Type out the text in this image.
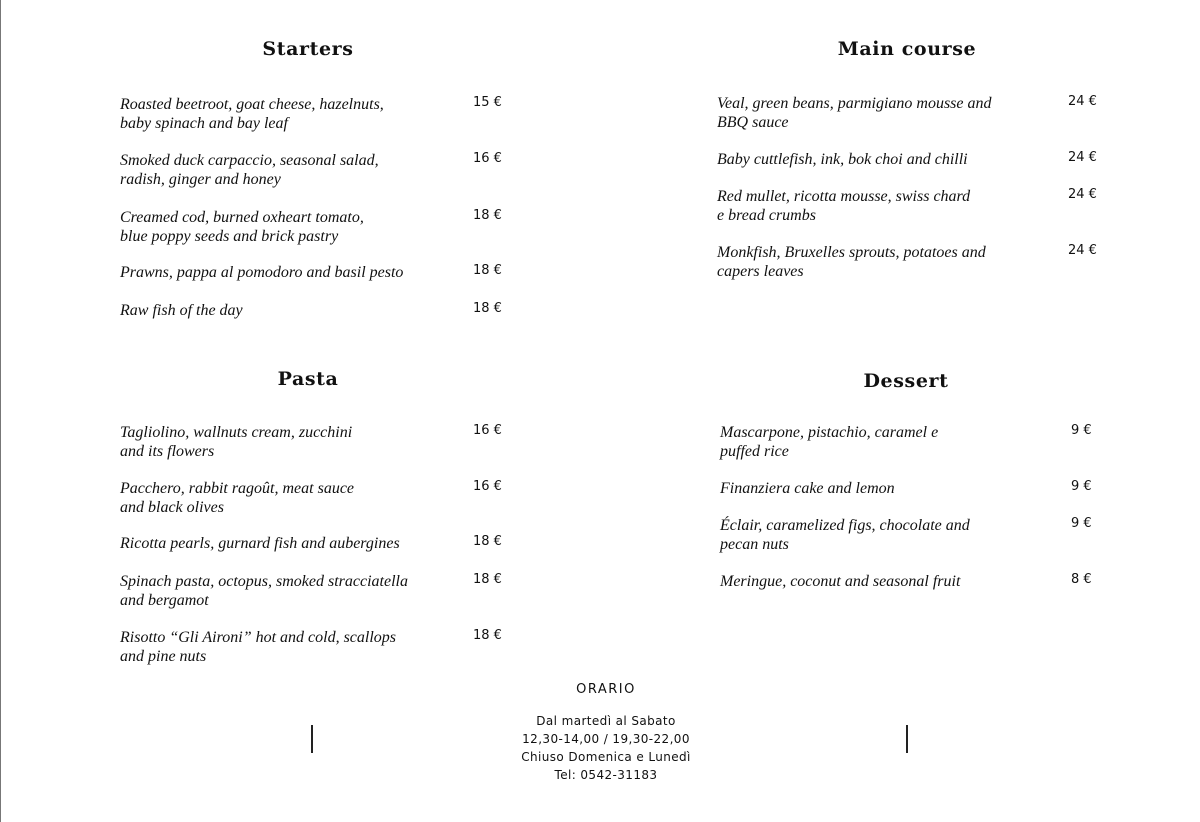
Starters
Roasted beetroot, goat cheese, hazelnuts,
baby spinach and bay leaf
15 €
Smoked duck carpaccio, seasonal salad,
radish, ginger and honey
16 €
Creamed cod, burned oxheart tomato,
blue poppy seeds and brick pastry
18 €
Prawns, pappa al pomodoro and basil pesto	18 €
Raw fish of the day	18 €
Main course
Veal, green beans, parmigiano mousse and
BBQ sauce
24 €
Baby cuttlefish, ink, bok choi and chilli	24 €
Red mullet, ricotta mousse, swiss chard
e bread crumbs
24 €
Monkfish, Bruxelles sprouts, potatoes and
capers leaves
24 €
Pasta
Tagliolino, wallnuts cream, zucchini
and its flowers
16 €
Pacchero, rabbit ragoût, meat sauce
and black olives
16 €
Ricotta pearls, gurnard fish and aubergines	18 €
Spinach pasta, octopus, smoked stracciatella
and bergamot
18 €
Risotto “Gli Aironi” hot and cold, scallops
and pine nuts
18 €
Dessert
Mascarpone, pistachio, caramel e
puffed rice
9 €
Finanziera cake and lemon	9 €
Éclair, caramelized figs, chocolate and
pecan nuts
9 €
Meringue, coconut and seasonal fruit	8 €
ORARIO
Dal martedì al Sabato
12,30-14,00 / 19,30-22,00
Chiuso Domenica e Lunedì
Tel: 0542-31183
